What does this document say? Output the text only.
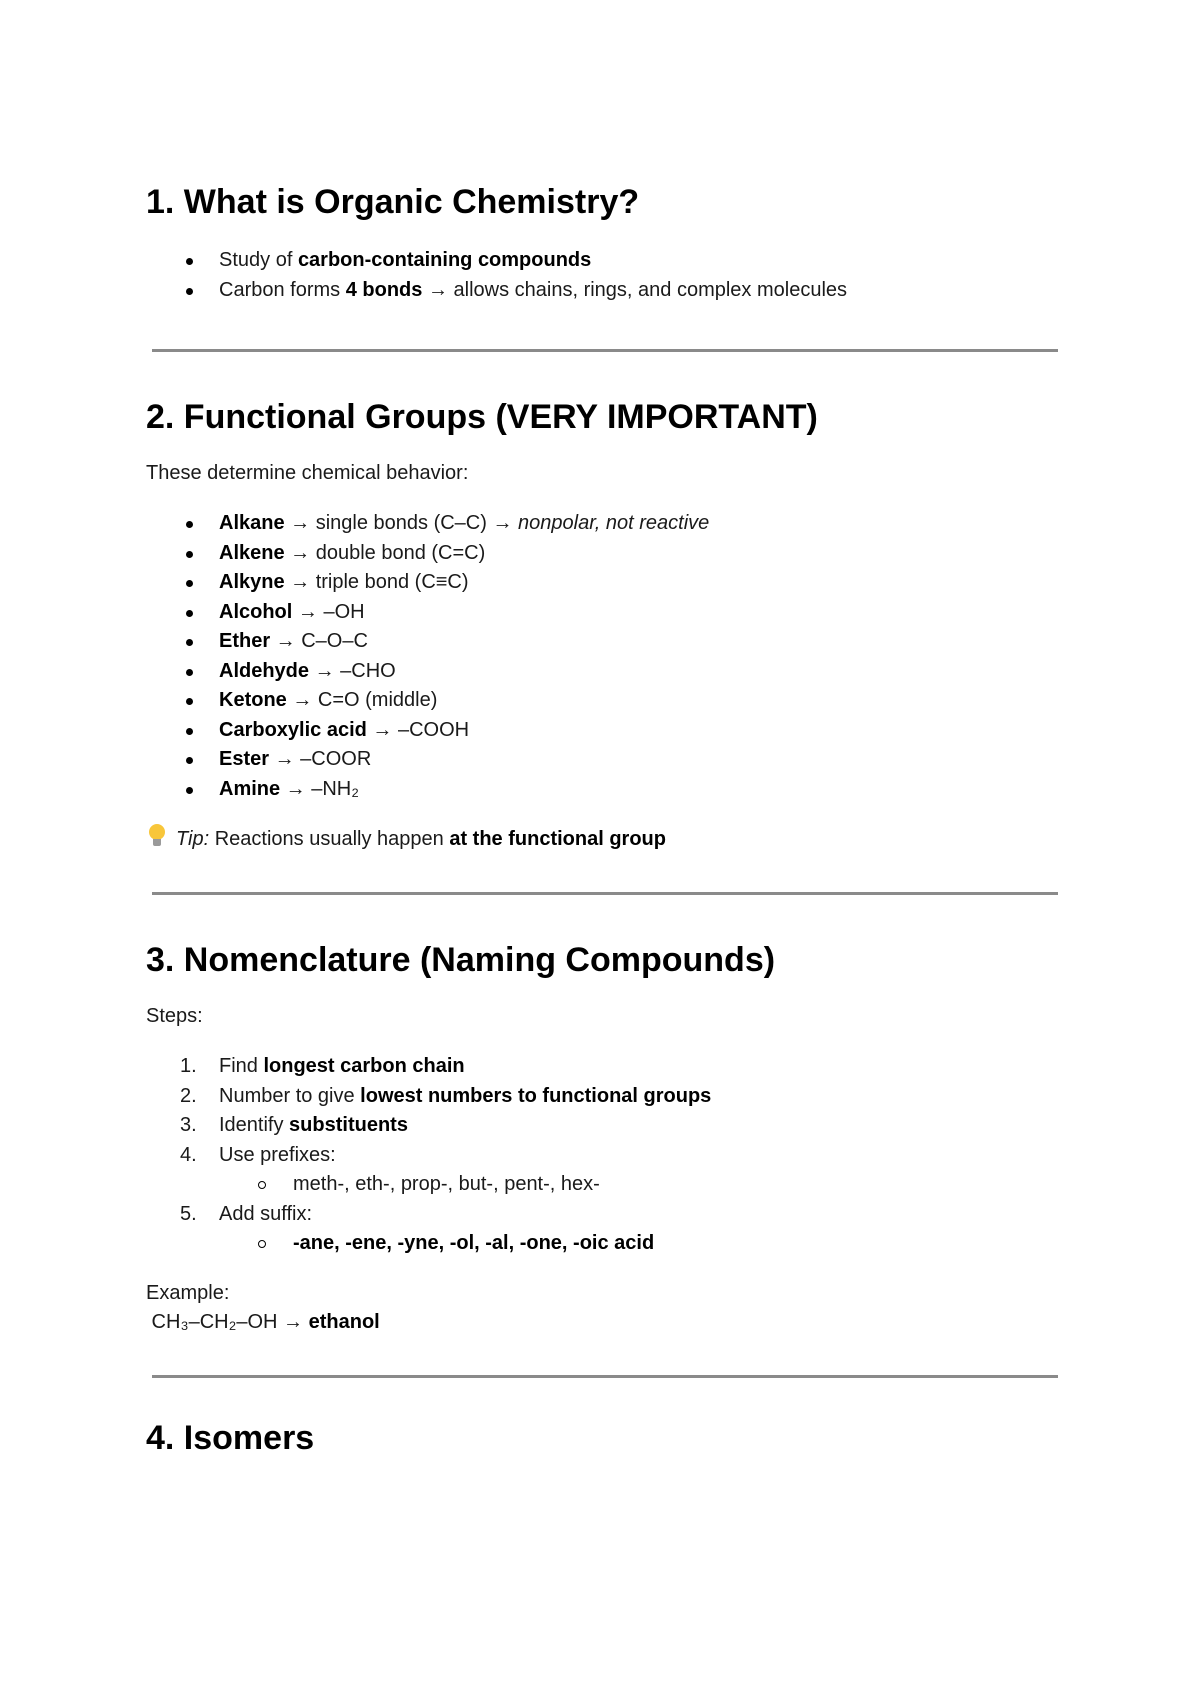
1. What is Organic Chemistry?
Study of carbon-containing compounds
Carbon forms 4 bonds → allows chains, rings, and complex molecules
2. Functional Groups (VERY IMPORTANT)

These determine chemical behavior:

Alkane → single bonds (C–C) → nonpolar, not reactive
Alkene → double bond (C=C)
Alkyne → triple bond (C≡C)
Alcohol → –OH
Ether → C–O–C
Aldehyde → –CHO
Ketone → C=O (middle)
Carboxylic acid → –COOH
Ester → –COOR
Amine → –NH₂

Tip: Reactions usually happen at the functional group

3. Nomenclature (Naming Compounds)

Steps:

1. Find longest carbon chain
2. Number to give lowest numbers to functional groups
3. Identify substituents
4. Use prefixes:
meth-, eth-, prop-, but-, pent-, hex-
5. Add suffix:
-ane, -ene, -yne, -ol, -al, -one, -oic acid

Example:

CH₃–CH₂–OH → ethanol

4. Isomers
